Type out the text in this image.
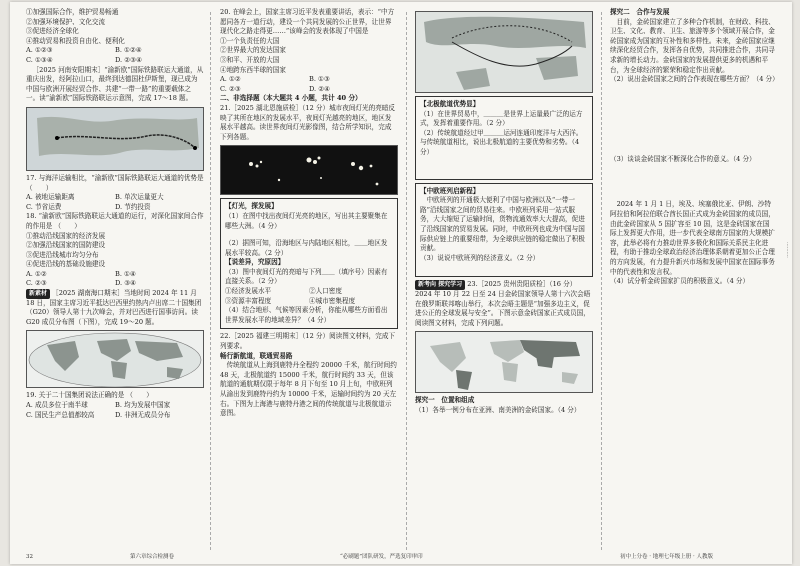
①加强国际合作，维护贸易畅通

②加强环境保护、文化交流

③促进经济全球化

④推动贸易和投资自由化、便利化

A. ①②③	B. ①②④
C. ①③④	D. ②③④

［2025 河南安阳期末］“渝新欧”国际铁路联运大通道，从重庆出发，经阿拉山口，最终到达德国杜伊斯堡，现已成为中国与欧洲开展经贸合作、共建“一带一路”的重要载体之一。读“渝新欧”国际铁路联运示意图，完成 17～18 题。

17. 与海洋运输相比，“渝新欧”国际铁路联运大通道的优势是 （　　）

A. 被地运输距离	B. 单次运量更大
C. 节省运费	D. 节约投资

18. “渝新欧”国际铁路联运大通道的运行，对深化国家间合作的作用是 （　　）

①推动沿线国家的经济发展

②加强沿线国家的国防建设

③促进沿线城市均匀分布

④促进沿线的基础设施建设

A. ①②	B. ①④
C. ②③	D. ③④

新素材 ［2025 湖南海口期末］当地时间 2024 年 11 月 18 日，国家主席习近平抵达巴西里约热内卢出席二十国集团（G20）领导人第十九次峰会，并对巴西进行国事访问。读 G20 成员分布图（下图），完成 19～20 题。

19. 关于二十国集团说法正确的是 （　　）

A. 成员多位于南半球	B. 均为发展中国家
C. 国民生产总值都较高	D. 非洲无成员分布

20. 在峰会上，国家主席习近平发表重要讲话，表示：“中方愿同各方一道行动，建设一个共同发展的公正世界，让世界现代化之路走得更……”该峰会的发表体现了中国是

①一个负责任的大国

②世界最大的发达国家

③和平、开放的大国

④地跨东西半球的国家

A. ①②	B. ①③
C. ②③	D. ②④

二、非选择题（本大题共 4 小题，共计 40 分）

21.［2025 湖北恩施质检］（12 分）城市夜间灯光的亮暗反映了其所在地区的发展水平，夜间灯光越亮的地区，地区发展水平越高。读世界夜间灯光影像图，结合所学知识，完成下列各题。

【灯光，探发展】

（1）在图中找出夜间灯光亮的地区，写出其主要聚集在哪些大洲。（4 分）

（2）据图可知，沿海地区与内陆地区相比，＿＿地区发展水平较高。（2 分）

【说差异，究原因】

（3）图中夜间灯光的亮暗与下列＿＿（填序号）因素有直接关系。（2 分）

①经济发展水平	②人口密度
③资源丰富程度	④城市密集程度

（4）结合地形、气候等因素分析，你能从哪些方面看出世界发展水平的地域差异？（4 分）

22.［2025 福建三明期末］（12 分）阅读图文材料，完成下列要求。

畅行新航道，联通贸易路

传统航道从上海到鹿特丹全程约 20000 千米，航行时间约 48 天，北极航道约 15000 千米，航行时间约 33 天，但该航道的通航期仅限于每年 8 月下旬至 10 月上旬，中欧班列从渝出发到鹿特丹约为 10000 千米，运输时间约为 20 天左右。下图为上海港与鹿特丹港之间的传统航道与北极航道示意图。

【北极航道优势显】

（1）在世界贸易中，＿＿＿是世界上运量最广泛的运方式，发挥着重要作用。（2 分）

（2）传统航道经过甲＿＿＿运河连通印度洋与大西洋。与传统航道相比，说出北极航道的主要优势和劣势。（4 分）

【中欧班列启新程】

中欧班列的开通极大便利了中国与欧洲以及“一带一路”沿线国家之间的贸易往来。中欧班列采用一站式服务，大大缩短了运输时间，货物流通效率大大提高，促进了沿线国家的贸易发展。同时，中欧班列也成为中国与国际供应链上的重要纽带，为全球供应链的稳定做出了积极贡献。

（3）说说中欧班列的经济意义。（2 分）

新考向 探究学习 23.［2025 贵州贵阳质检］（16 分）2024 年 10 月 22 日至 24 日金砖国家领导人第十六次会晤在俄罗斯联邦喀山举行，本次会晤主题是“加强多边主义，促进公正的全球发展与安全”。下图示意金砖国家正式成员国，阅读图文材料，完成下列问题。

探究一　位置和组成

（1）各举一例分布在亚洲、南美洲的金砖国家。（4 分）

探究二　合作与发展

目前，金砖国家建立了多种合作机制，在财政、科技、卫生、文化、教育、卫生、旅游等多个领域开展合作，金砖国家成为国家的互补性和多样性。未来，金砖国家应继续深化经贸合作，发挥各自优势，共同推进合作，共同寻求新的增长动力。金砖国家的发展提供更多的机遇和平台，为全球经济的繁荣和稳定作出贡献。

（2）说出金砖国家之间的合作表现在哪些方面？（4 分）

（3）谈谈金砖国家不断深化合作的意义。（4 分）

2024 年 1 月 1 日，埃及、埃塞俄比亚、伊朗、沙特阿拉伯和阿拉伯联合酋长国正式成为金砖国家的成员国，由此金砖国家从 5 国扩容至 10 国，这是金砖国家在国际上发挥更大作用，进一步代表全球南方国家的大规模扩容，此举必将有力推动世界多极化和国际关系民主化进程，有助于推动全球政治经济治理体系朝着更加公正合理的方向发展，有力提升新兴市场和发展中国家在国际事务中的代表性和发言权。

（4）试分析金砖国家扩员的积极意义。（4 分）

··········
32	第六章综合检测卷	“必刷题”团队研发，严选复印审印	初中上分卷 · 地理七年级上册 · 人教版
